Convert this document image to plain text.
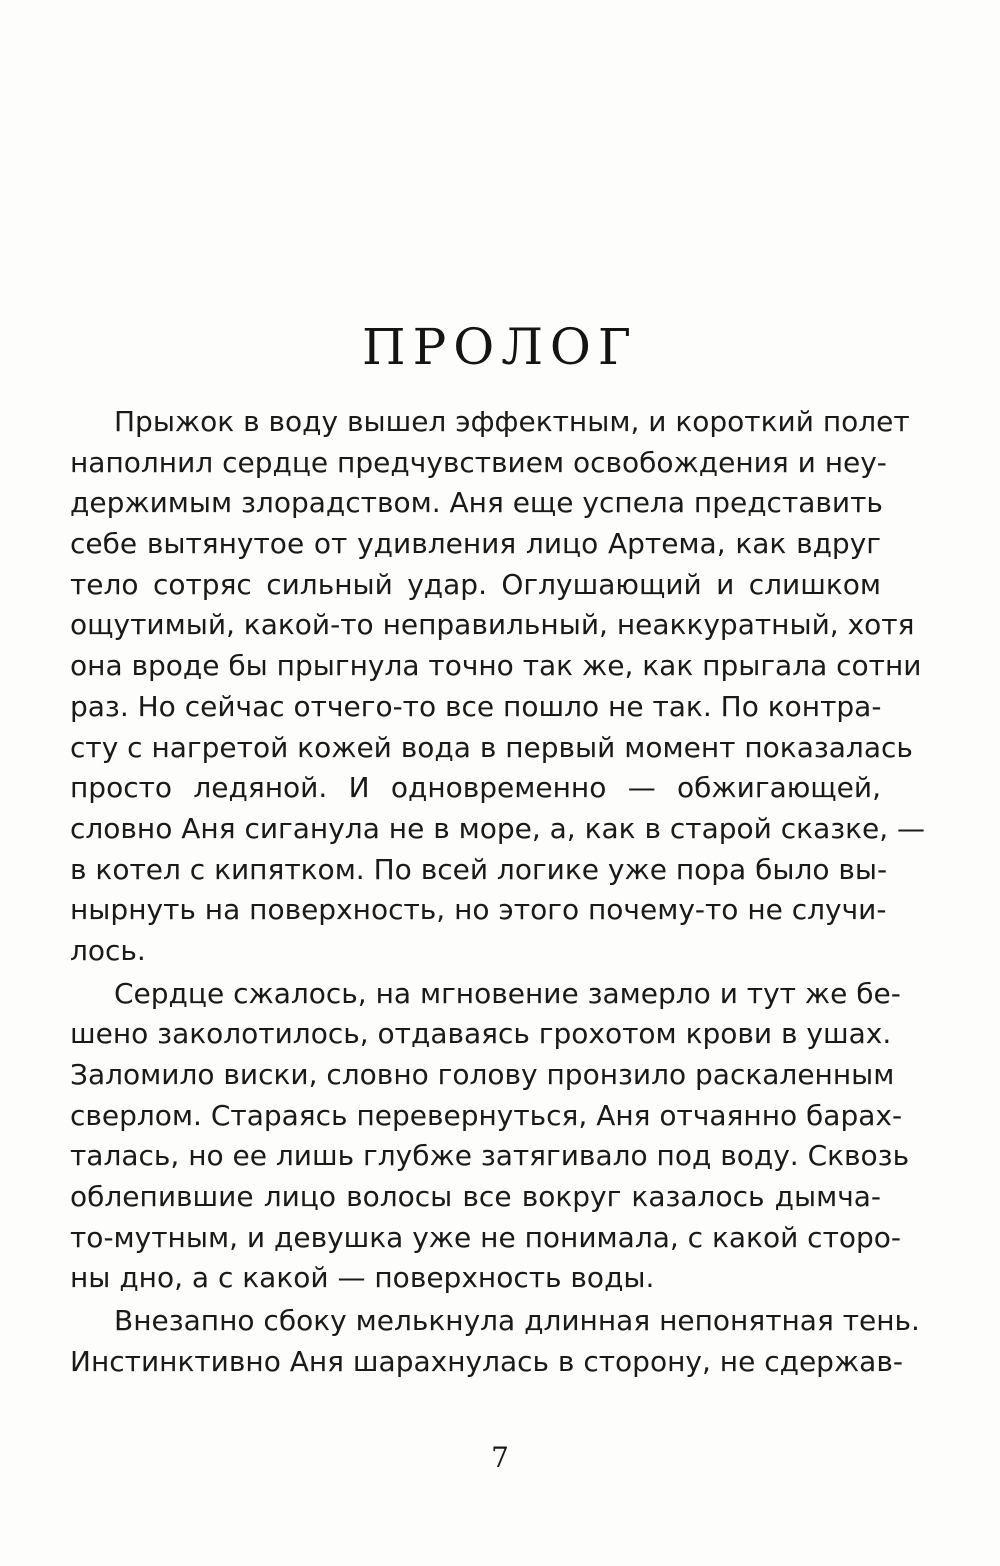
ПРОЛОГ

Прыжок в воду вышел эффектным, и короткий полет
наполнил сердце предчувствием освобождения и неу-
держимым злорадством. Аня еще успела представить
себе вытянутое от удивления лицо Артема, как вдруг
тело сотряс сильный удар. Оглушающий и слишком
ощутимый, какой-то неправильный, неаккуратный, хотя
она вроде бы прыгнула точно так же, как прыгала сотни
раз. Но сейчас отчего-то все пошло не так. По контра-
сту с нагретой кожей вода в первый момент показалась
просто ледяной. И одновременно — обжигающей,
словно Аня сиганула не в море, а, как в старой сказке, —
в котел с кипятком. По всей логике уже пора было вы-
нырнуть на поверхность, но этого почему-то не случи-
лось.

Сердце сжалось, на мгновение замерло и тут же бе-
шено заколотилось, отдаваясь грохотом крови в ушах.
Заломило виски, словно голову пронзило раскаленным
сверлом. Стараясь перевернуться, Аня отчаянно барах-
талась, но ее лишь глубже затягивало под воду. Сквозь
облепившие лицо волосы все вокруг казалось дымча-
то-мутным, и девушка уже не понимала, с какой сторо-
ны дно, а с какой — поверхность воды.

Внезапно сбоку мелькнула длинная непонятная тень.
Инстинктивно Аня шарахнулась в сторону, не сдержав-

7
